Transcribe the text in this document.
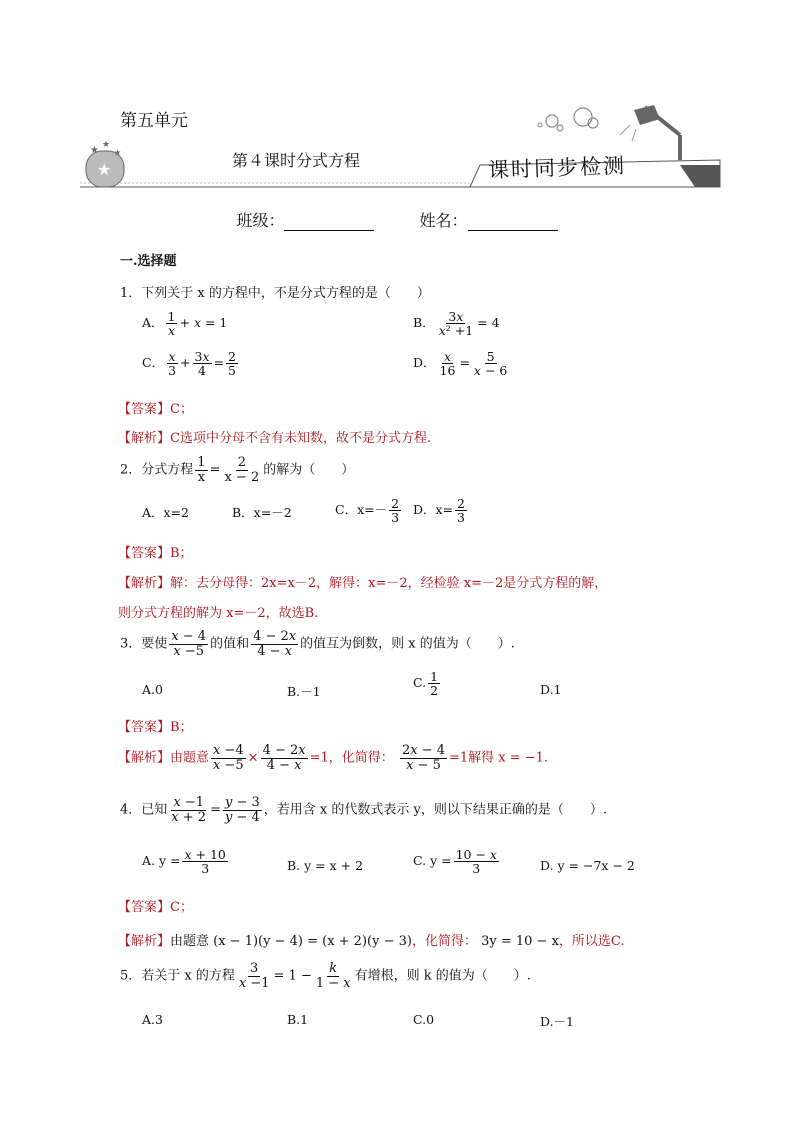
★
★ ★
★
第五单元
第４课时分式方程	课时同步检测
班级：	姓名：
一.选择题
1．下列关于 x 的方程中，不是分式方程的是（　　）
A． $\frac{1}{x} + x = 1$	B． $\frac{3x}{\text{x² +1}} = 4$
C． $\frac{x}{3} + \frac{3x}{4} = \frac{2}{5}$	D． $\frac{x}{16} = \frac{5}{x - 6}$
【答案】C；
【解析】C选项中分母不含有未知数，故不是分式方程.
2．分式方程 $\frac{1}{x} = \frac{2}{x - 2}$ 的解为（　　）
A．x=2	B．x=－2	C．$x=- \frac{2}{3}$ D．$x= \frac{2}{3}$
【答案】B；
【解析】解：去分母得：2x=x－2，解得：x=－2，经检验 x=－2是分式方程的解，
则分式方程的解为 x=－2，故选B.
3．要使 $\frac{x - 4}{x -5}$ 的值和 $\frac{4 - 2x}{4 - x}$ 的值互为倒数，则 x 的值为（　　）.
A.0	B.－1
C. $\frac{1}{2}$	D.1
【答案】B；
【解析】由题意 $\frac{x -4}{x -5} \times \frac{4 - 2x}{4 - x} =1$，化简得： $\frac{2x - 4}{x - 5} =1$解得 x = −1.
4．已知 $\frac{x -1}{x + 2} = \frac{y - 3}{y - 4}$ ，若用含 x 的代数式表示 y，则以下结果正确的是（　　）.
A. $y = \frac{x + 10}{3}$	B. y = x + 2	C. $y = \frac{10 - x}{3}$	D. y = −7x − 2
【答案】C；
【解析】由题意 (x − 1)(y − 4) = (x + 2)(y − 3)，化简得： 3y = 10 − x，所以选C.
5．若关于 x 的方程 $\frac{3}{x -1} = 1 - \frac{k}{1 - x}$ 有增根，则 k 的值为（　　）.
A.3	B.1	C.0	D.－1
